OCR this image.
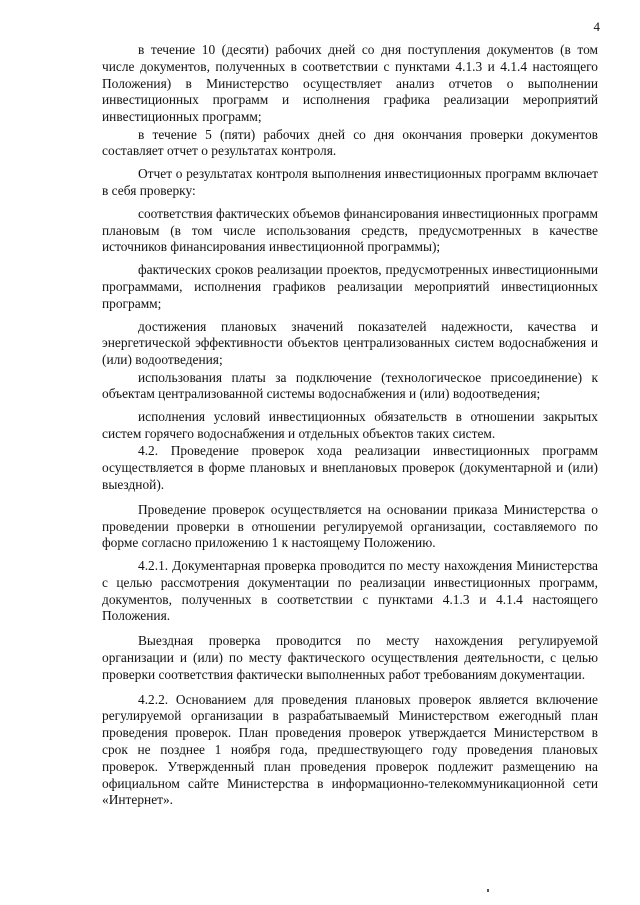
4

в течение 10 (десяти) рабочих дней со дня поступления документов (в том числе документов, полученных в соответствии с пунктами 4.1.3 и 4.1.4 настоящего Положения) в Министерство осуществляет анализ отчетов о выполнении инвестиционных программ и исполнения графика реализации мероприятий инвестиционных программ;

в течение 5 (пяти) рабочих дней со дня окончания проверки документов составляет отчет о результатах контроля.

Отчет о результатах контроля выполнения инвестиционных программ включает в себя проверку:

соответствия фактических объемов финансирования инвестиционных программ плановым (в том числе использования средств, предусмотренных в качестве источников финансирования инвестиционной программы);

фактических сроков реализации проектов, предусмотренных инвестиционными программами, исполнения графиков реализации мероприятий инвестиционных программ;

достижения плановых значений показателей надежности, качества и энергетической эффективности объектов централизованных систем водоснабжения и (или) водоотведения;

использования платы за подключение (технологическое присоединение) к объектам централизованной системы водоснабжения и (или) водоотведения;

исполнения условий инвестиционных обязательств в отношении закрытых систем горячего водоснабжения и отдельных объектов таких систем.

4.2. Проведение проверок хода реализации инвестиционных программ осуществляется в форме плановых и внеплановых проверок (документарной и (или) выездной).

Проведение проверок осуществляется на основании приказа Министерства о проведении проверки в отношении регулируемой организации, составляемого по форме согласно приложению 1 к настоящему Положению.

4.2.1. Документарная проверка проводится по месту нахождения Министерства с целью рассмотрения документации по реализации инвестиционных программ, документов, полученных в соответствии с пунктами 4.1.3 и 4.1.4 настоящего Положения.

Выездная проверка проводится по месту нахождения регулируемой организации и (или) по месту фактического осуществления деятельности, с целью проверки соответствия фактически выполненных работ требованиям документации.

4.2.2. Основанием для проведения плановых проверок является включение регулируемой организации в разрабатываемый Министерством ежегодный план проведения проверок. План проведения проверок утверждается Министерством в срок не позднее 1 ноября года, предшествующего году проведения плановых проверок. Утвержденный план проведения проверок подлежит размещению на официальном сайте Министерства в информационно-телекоммуникационной сети «Интернет».
